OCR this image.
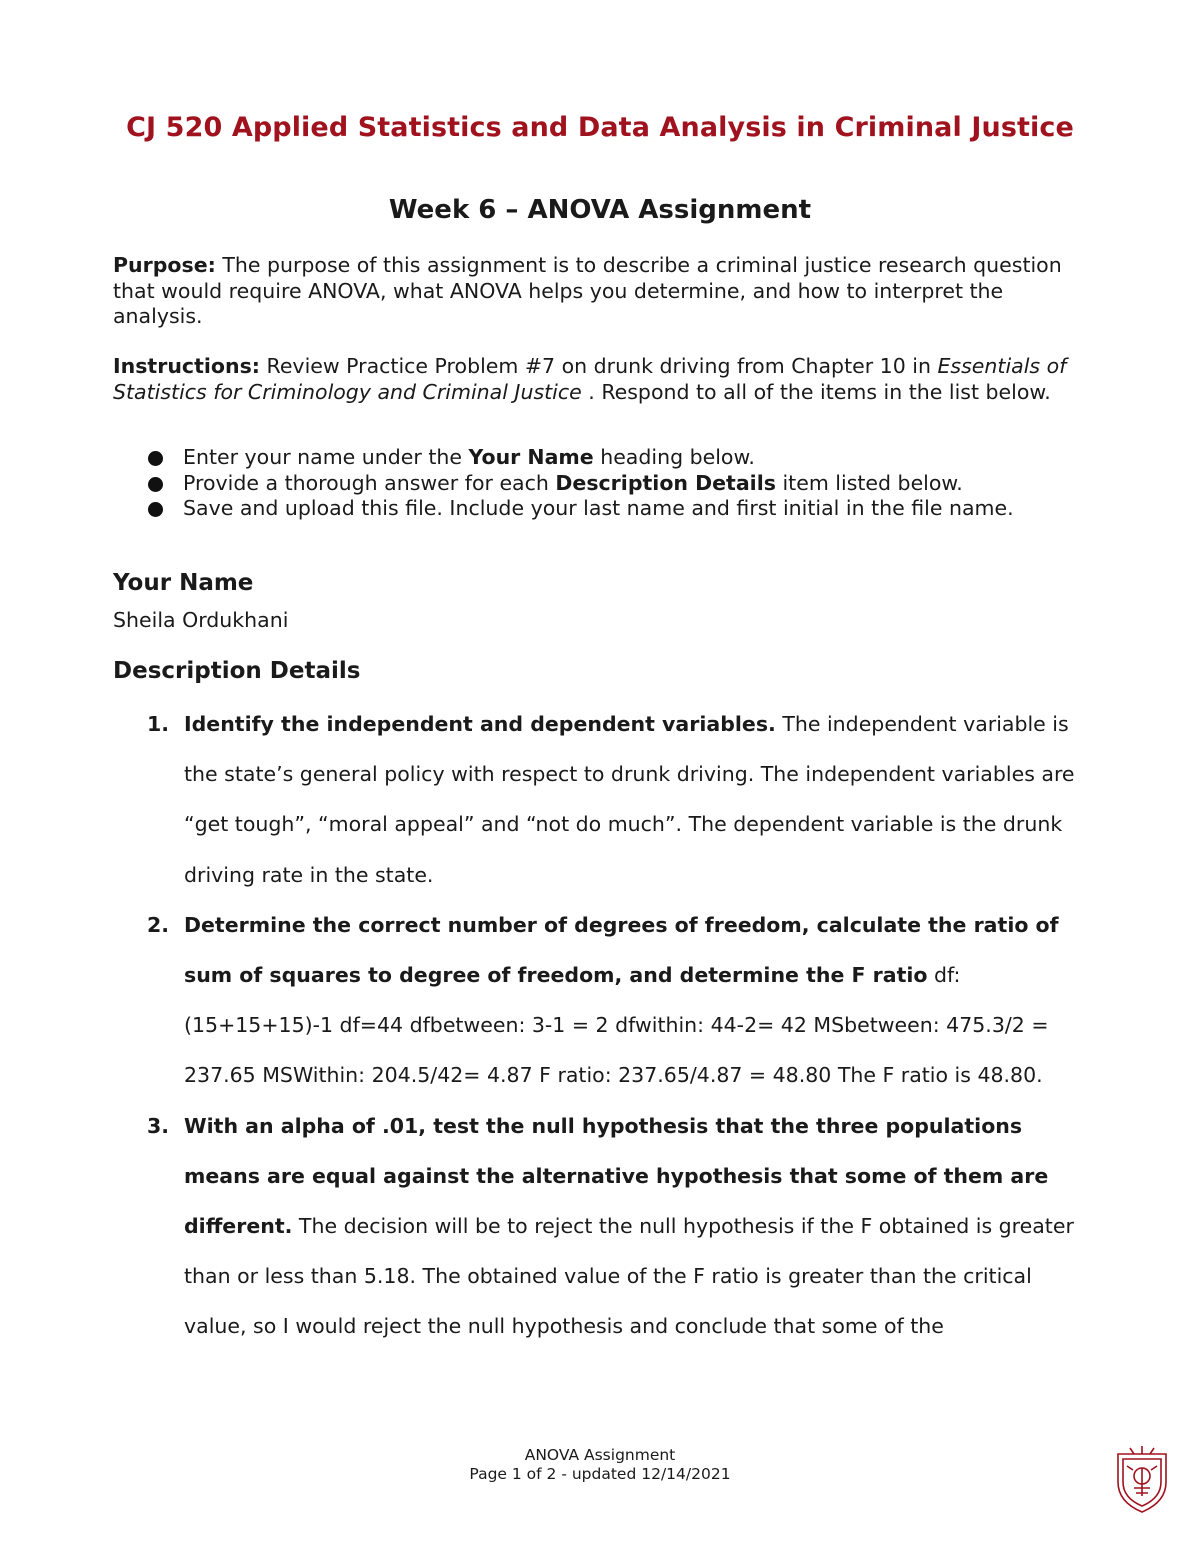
CJ 520 Applied Statistics and Data Analysis in Criminal Justice
Week 6 – ANOVA Assignment

Purpose: The purpose of this assignment is to describe a criminal justice research question that would require ANOVA, what ANOVA helps you determine, and how to interpret the analysis.

Instructions: Review Practice Problem #7 on drunk driving from Chapter 10 in Essentials of Statistics for Criminology and Criminal Justice . Respond to all of the items in the list below.

Enter your name under the Your Name heading below.
Provide a thorough answer for each Description Details item listed below.
Save and upload this file. Include your last name and first initial in the file name.
Your Name

Sheila Ordukhani

Description Details
1. Identify the independent and dependent variables. The independent variable is the state’s general policy with respect to drunk driving. The independent variables are “get tough”, “moral appeal” and “not do much”. The dependent variable is the drunk driving rate in the state.
2. Determine the correct number of degrees of freedom, calculate the ratio of sum of squares to degree of freedom, and determine the F ratio df: (15+15+15)-1 df=44 dfbetween: 3-1 = 2 dfwithin: 44-2= 42 MSbetween: 475.3/2 = 237.65 MSWithin: 204.5/42= 4.87 F ratio: 237.65/4.87 = 48.80 The F ratio is 48.80.
3. With an alpha of .01, test the null hypothesis that the three populations means are equal against the alternative hypothesis that some of them are different. The decision will be to reject the null hypothesis if the F obtained is greater than or less than 5.18. The obtained value of the F ratio is greater than the critical value, so I would reject the null hypothesis and conclude that some of the
ANOVA Assignment
Page 1 of 2 - updated 12/14/2021
